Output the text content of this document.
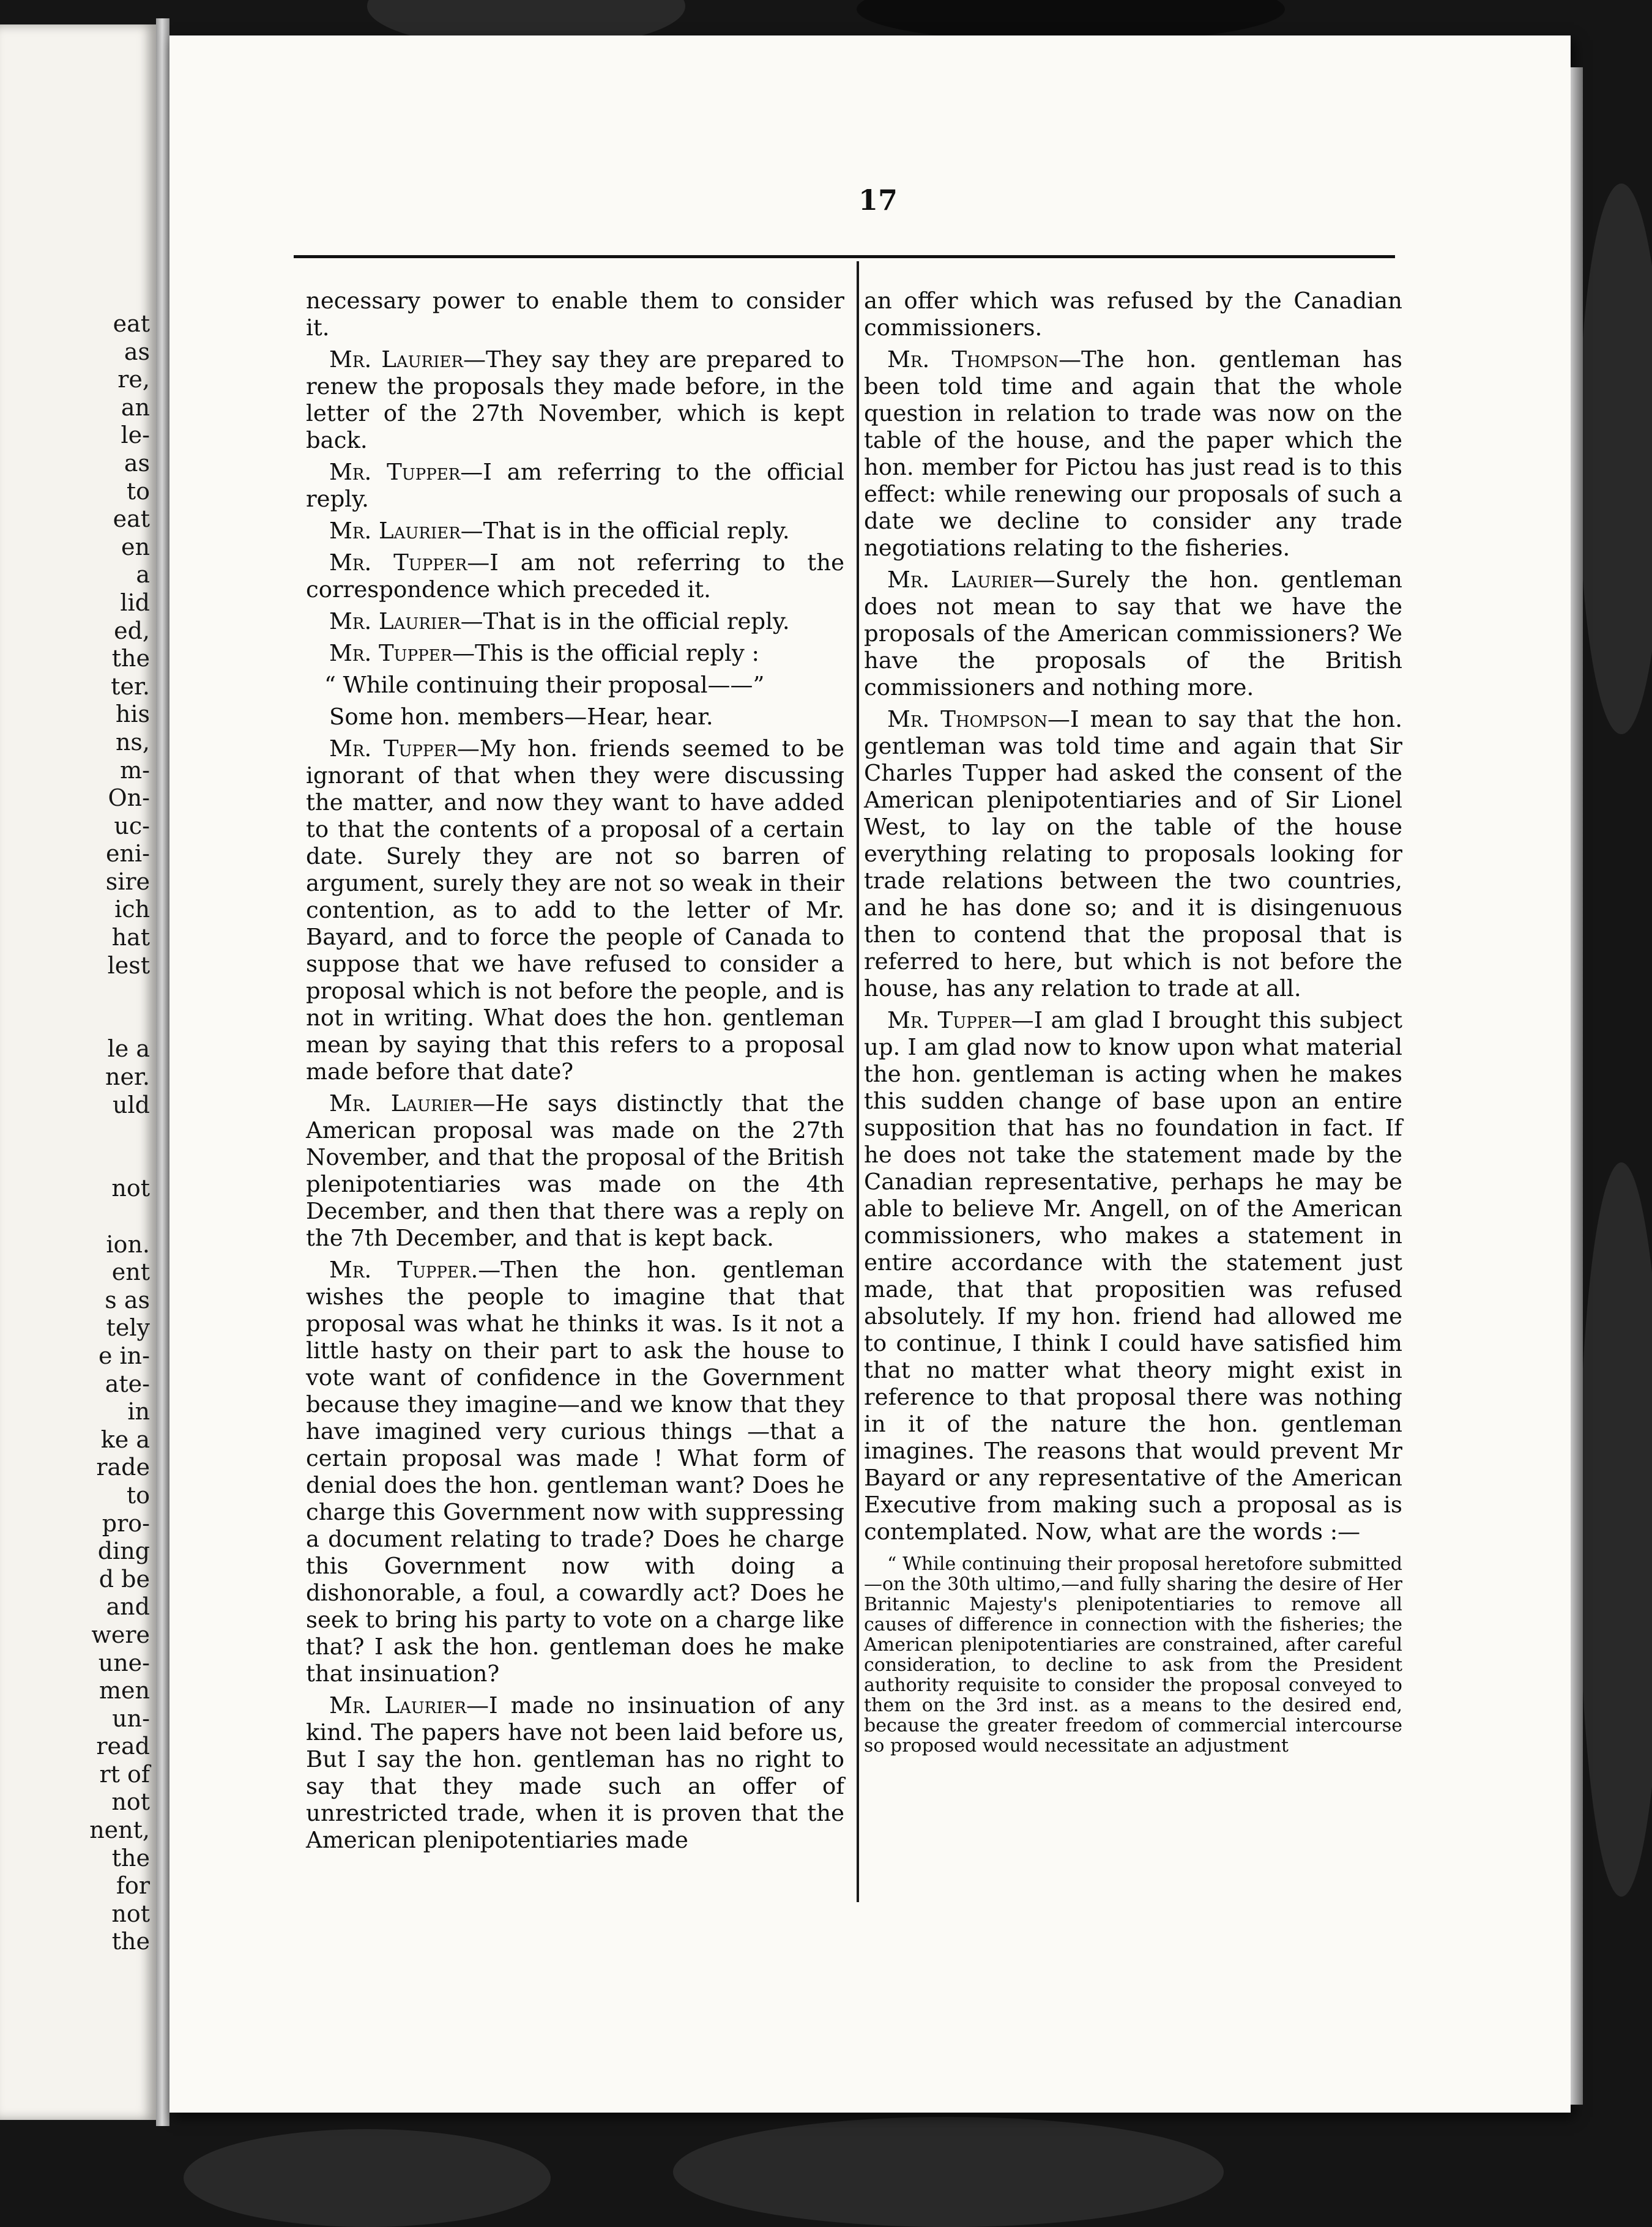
eat
as
re,
an
le-
as
to
eat
en
a
lid
ed,
the
ter.
his
ns,
m-
On-
uc-
eni-
sire
ich
hat
lest
le a
ner.
uld
not
ion.
ent
s as
tely
e in-
ate-
in
ke a
rade
to
pro-
ding
d be
and
were
une-
men
un-
read
rt of
not
nent,
the
for
not
the
17

necessary power to enable them to consider it.

Mr. Laurier—They say they are prepared to renew the proposals they made before, in the letter of the 27th November, which is kept back.

Mr. Tupper—I am referring to the official reply.

Mr. Laurier—That is in the official reply.

Mr. Tupper—I am not referring to the correspondence which preceded it.

Mr. Laurier—That is in the official reply.

Mr. Tupper—This is the official reply :

“ While continuing their proposal——”

Some hon. members—Hear, hear.

Mr. Tupper—My hon. friends seemed to be ignorant of that when they were discussing the matter, and now they want to have added to that the contents of a proposal of a certain date. Surely they are not so barren of argument, surely they are not so weak in their contention, as to add to the letter of Mr. Bayard, and to force the people of Canada to suppose that we have refused to consider a proposal which is not before the people, and is not in writing. What does the hon. gentleman mean by saying that this refers to a proposal made before that date?

Mr. Laurier—He says distinctly that the American proposal was made on the 27th November, and that the proposal of the British plenipotentiaries was made on the 4th December, and then that there was a reply on the 7th December, and that is kept back.

Mr. Tupper.—Then the hon. gentleman wishes the people to imagine that that proposal was what he thinks it was. Is it not a little hasty on their part to ask the house to vote want of confidence in the Government because they imagine—and we know that they have imagined very curious things —that a certain proposal was made ! What form of denial does the hon. gentleman want? Does he charge this Government now with suppressing a document relating to trade? Does he charge this Government now with doing a dishonorable, a foul, a cowardly act? Does he seek to bring his party to vote on a charge like that? I ask the hon. gentleman does he make that insinuation?

Mr. Laurier—I made no insinuation of any kind. The papers have not been laid before us, But I say the hon. gentleman has no right to say that they made such an offer of unrestricted trade, when it is proven that the American plenipotentiaries made

an offer which was refused by the Canadian commissioners.

Mr. Thompson—The hon. gentleman has been told time and again that the whole question in relation to trade was now on the table of the house, and the paper which the hon. member for Pictou has just read is to this effect: while renewing our proposals of such a date we decline to consider any trade negotiations relating to the fisheries.

Mr. Laurier—Surely the hon. gentleman does not mean to say that we have the proposals of the American commissioners? We have the proposals of the British commissioners and nothing more.

Mr. Thompson—I mean to say that the hon. gentleman was told time and again that Sir Charles Tupper had asked the consent of the American plenipotentiaries and of Sir Lionel West, to lay on the table of the house everything relating to proposals looking for trade relations between the two countries, and he has done so; and it is disingenuous then to contend that the proposal that is referred to here, but which is not before the house, has any relation to trade at all.

Mr. Tupper—I am glad I brought this subject up. I am glad now to know upon what material the hon. gentleman is acting when he makes this sudden change of base upon an entire supposition that has no foundation in fact. If he does not take the statement made by the Canadian representative, perhaps he may be able to believe Mr. Angell, on of the American commissioners, who makes a statement in entire accordance with the statement just made, that that propositien was refused absolutely. If my hon. friend had allowed me to continue, I think I could have satisfied him that no matter what theory might exist in reference to that proposal there was nothing in it of the nature the hon. gentleman imagines. The reasons that would prevent Mr Bayard or any representative of the American Executive from making such a proposal as is contemplated. Now, what are the words :—

“ While continuing their proposal heretofore submitted—on the 30th ultimo,—and fully sharing the desire of Her Britannic Majesty's plenipotentiaries to remove all causes of difference in connection with the fisheries; the American plenipotentiaries are constrained, after careful consideration, to decline to ask from the President authority requisite to consider the proposal conveyed to them on the 3rd inst. as a means to the desired end, because the greater freedom of commercial intercourse so proposed would necessitate an adjustment
